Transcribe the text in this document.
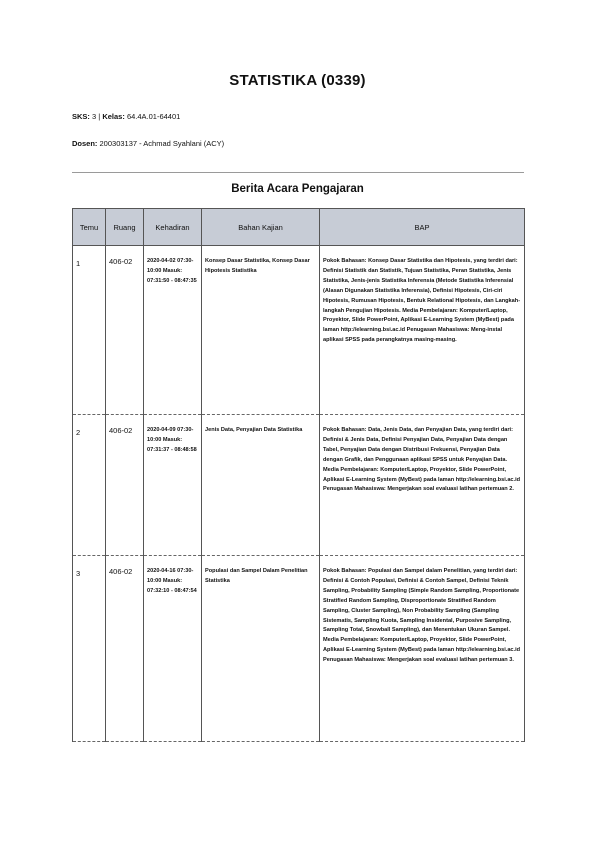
STATISTIKA (0339)
SKS: 3 | Kelas: 64.4A.01-64401
Dosen: 200303137 - Achmad Syahlani (ACY)
Berita Acara Pengajaran
Temu	Ruang	Kehadiran	Bahan Kajian	BAP
1	406-02	2020-04-02 07:30-10:00 Masuk: 07:31:50 - 08:47:35	Konsep Dasar Statistika, Konsep Dasar Hipotesis Statistika	Pokok Bahasan: Konsep Dasar Statistika dan Hipotesis, yang terdiri dari: Definisi Statistik dan Statistik, Tujuan Statistika, Peran Statistika, Jenis Statistika, Jenis-jenis Statistika Inferensia (Metode Statistika Inferensial (Alasan Digunakan Statistika Inferensia), Definisi Hipotesis, Ciri-ciri Hipotesis, Rumusan Hipotesis, Bentuk Relational Hipotesis, dan Langkah-langkah Pengujian Hipotesis. Media Pembelajaran: Komputer/Laptop, Proyektor, Slide PowerPoint, Aplikasi E-Learning System (MyBest) pada laman http://elearning.bsi.ac.id Penugasan Mahasiswa: Meng-instal aplikasi SPSS pada perangkatnya masing-masing.
2	406-02	2020-04-09 07:30-10:00 Masuk: 07:31:37 - 08:48:58	Jenis Data, Penyajian Data Statistika	Pokok Bahasan: Data, Jenis Data, dan Penyajian Data, yang terdiri dari: Definisi & Jenis Data, Definisi Penyajian Data, Penyajian Data dengan Tabel, Penyajian Data dengan Distribusi Frekuensi, Penyajian Data dengan Grafik, dan Penggunaan aplikasi SPSS untuk Penyajian Data. Media Pembelajaran: Komputer/Laptop, Proyektor, Slide PowerPoint, Aplikasi E-Learning System (MyBest) pada laman http://elearning.bsi.ac.id Penugasan Mahasiswa: Mengerjakan soal evaluasi latihan pertemuan 2.
3	406-02	2020-04-16 07:30-10:00 Masuk: 07:32:10 - 08:47:54	Populasi dan Sampel Dalam Penelitian Statistika	Pokok Bahasan: Populasi dan Sampel dalam Penelitian, yang terdiri dari: Definisi & Contoh Populasi, Definisi & Contoh Sampel, Definisi Teknik Sampling, Probability Sampling (Simple Random Sampling, Proportionate Stratified Random Sampling, Disproportionate Stratified Random Sampling, Cluster Sampling), Non Probability Sampling (Sampling Sistematis, Sampling Kuota, Sampling Insidental, Purposive Sampling, Sampling Total, Snowball Sampling), dan Menentukan Ukuran Sampel. Media Pembelajaran: Komputer/Laptop, Proyektor, Slide PowerPoint, Aplikasi E-Learning System (MyBest) pada laman http://elearning.bsi.ac.id Penugasan Mahasiswa: Mengerjakan soal evaluasi latihan pertemuan 3.
